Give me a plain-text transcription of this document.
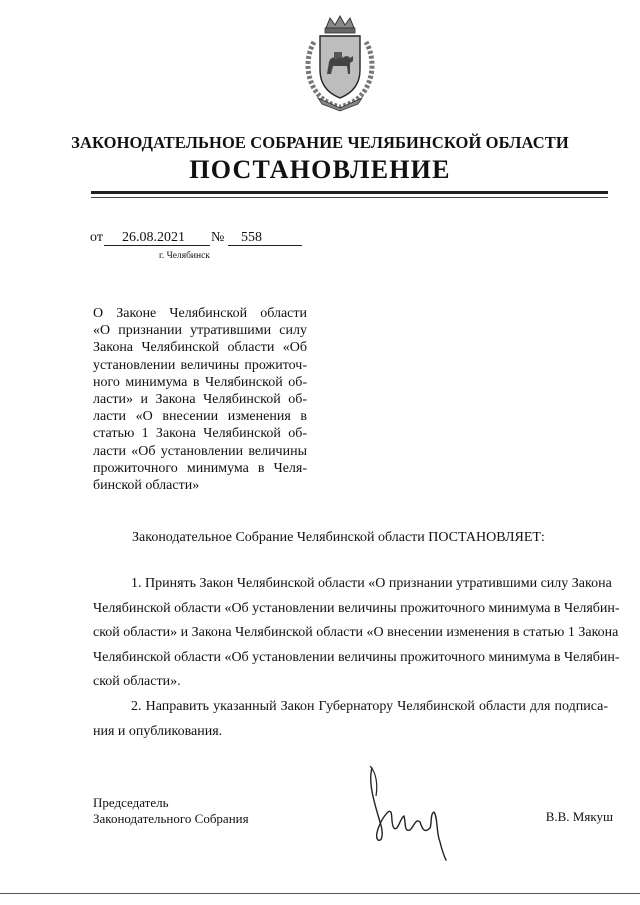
ЗАКОНОДАТЕЛЬНОЕ СОБРАНИЕ ЧЕЛЯБИНСКОЙ ОБЛАСТИ
ПОСТАНОВЛЕНИЕ
от 26.08.2021 № 558
г. Челябинск
О Законе Челябинской области
«О признании утратившими силу
Закона Челябинской области «Об
установлении величины прожиточ-
ного минимума в Челябинской об-
ласти» и Закона Челябинской об-
ласти «О внесении изменения в
статью 1 Закона Челябинской об-
ласти «Об установлении величины
прожиточного минимума в Челя-
бинской области»
Законодательное Собрание Челябинской области ПОСТАНОВЛЯЕТ:
1. Принять Закон Челябинской области «О признании утратившими силу Закона
Челябинской области «Об установлении величины прожиточного минимума в Челябин-
ской области» и Закона Челябинской области «О внесении изменения в статью 1 Закона
Челябинской области «Об установлении величины прожиточного минимума в Челябин-
ской области».
2. Направить указанный Закон Губернатору Челябинской области для подписа-
ния и опубликования.
Председатель
Законодательного Собрания	В.В. Мякуш
